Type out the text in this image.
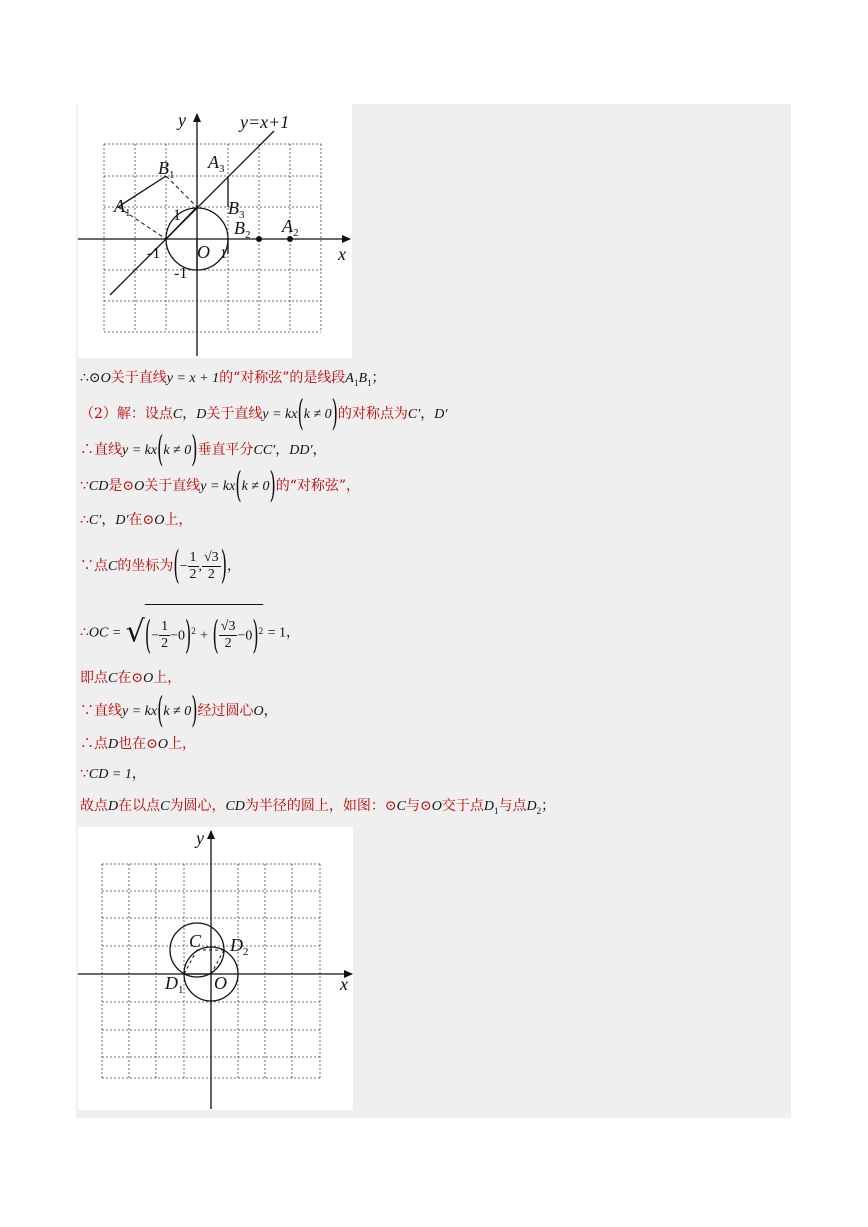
y
x
y=x+1
$A_1$
$B_1$
$A_3$
$B_3$
$B_2$ $A_2$
O
1
-1	1
-1
∴⊙O关于直线y = x + 1的“对称弦”的是线段$A_1B_1$；
（2）解：设点C，D关于直线y = kx(k ≠ 0)的对称点为C′，D′
∴直线y = kx(k ≠ 0)垂直平分CC′，DD′，
∵CD是⊙O关于直线y = kx(k ≠ 0)的“对称弦”，
∴C′，D′在⊙O上，
∵点C的坐标为(− $\frac{1}{2}$ , $\frac{√3}{2}$ )，
∴OC = √(− $\frac{1}{2} -0)^2$ + ( $\frac{√3}{2} -0)^2 = 1$，
即点C在⊙O上，
∵直线y = kx(k ≠ 0)经过圆心O，
∴点D也在⊙O上，
∵CD = 1，
故点D在以点C为圆心，CD为半径的圆上，如图：⊙C与⊙O交于点$D_1$与点$D_2$；
y
x
C $D_2$
$D_1$ O
